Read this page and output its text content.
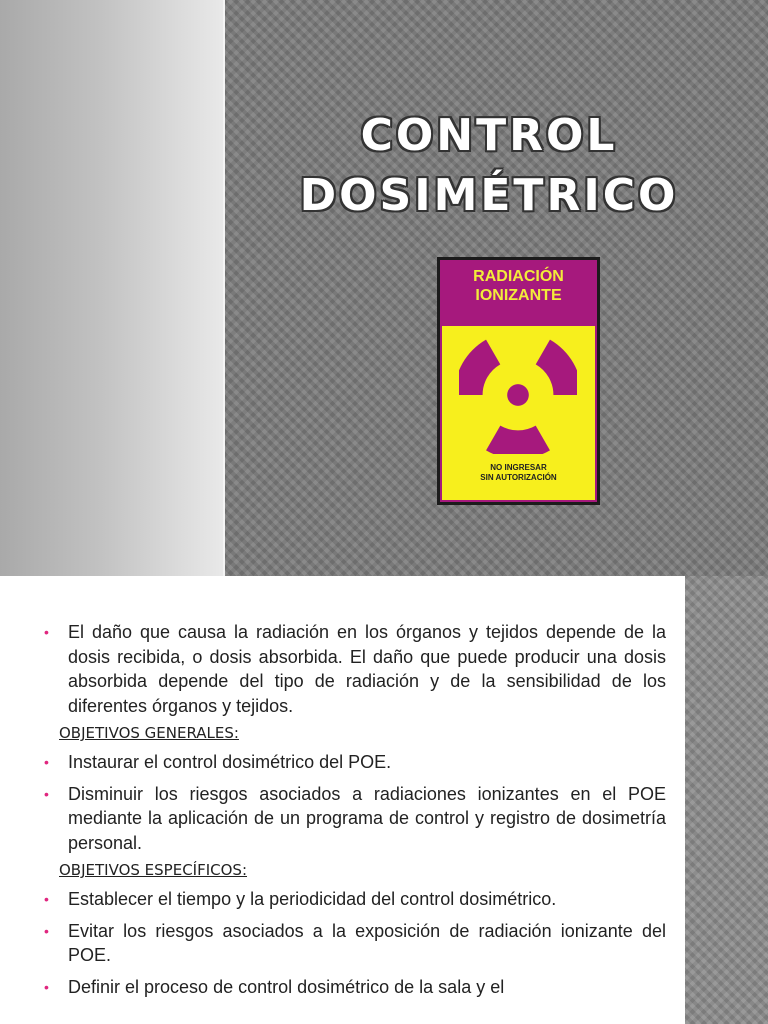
CONTROL
DOSIMÉTRICO
RADIACIÓN
IONIZANTE
NO INGRESAR
SIN AUTORIZACIÓN
• El daño que causa la radiación en los órganos y tejidos depende de la dosis recibida, o dosis absorbida. El daño que puede producir una dosis absorbida depende del tipo de radiación y de la sensibilidad de los diferentes órganos y tejidos.
OBJETIVOS GENERALES:
• Instaurar el control dosimétrico del POE.
• Disminuir los riesgos asociados a radiaciones ionizantes en el POE mediante la aplicación de un programa de control y registro de dosimetría personal.
OBJETIVOS ESPECÍFICOS:
• Establecer el tiempo y la periodicidad del control dosimétrico.
• Evitar los riesgos asociados a la exposición de radiación ionizante del POE.
• Definir el proceso de control dosimétrico de la sala y el
